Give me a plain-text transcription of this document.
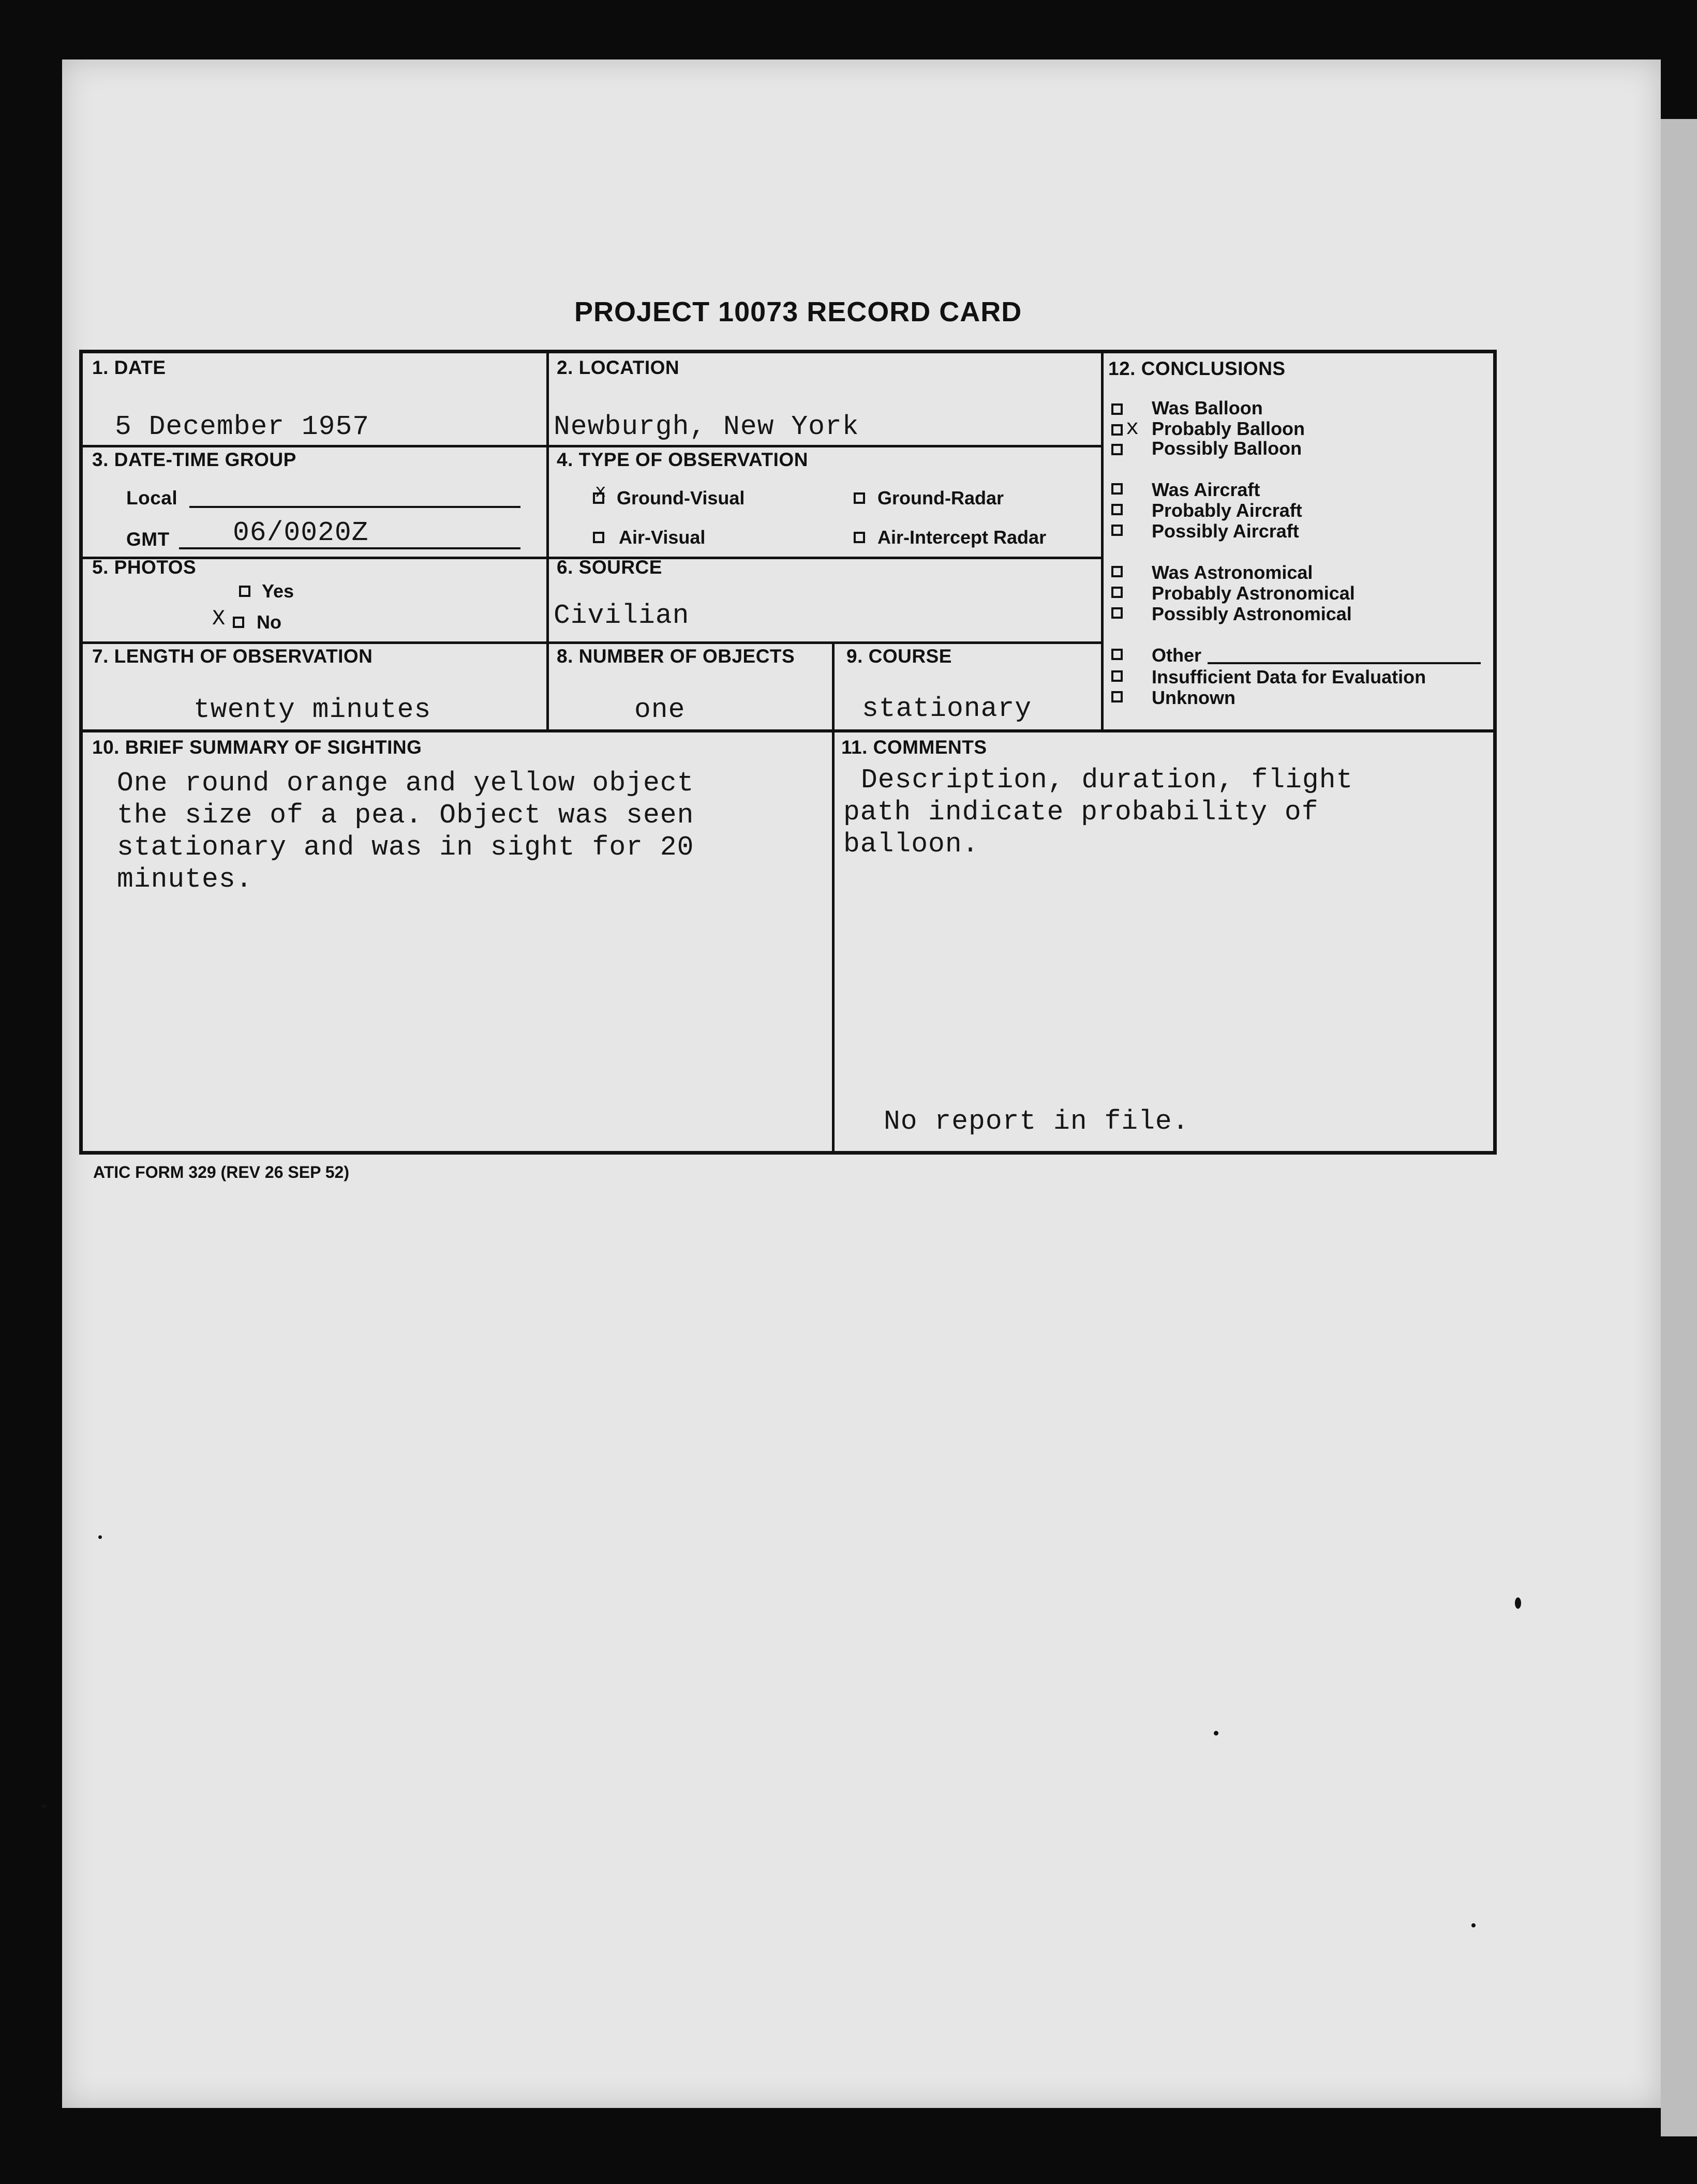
PROJECT 10073 RECORD CARD
1. DATE
5 December 1957
2. LOCATION
Newburgh, New York
3. DATE-TIME GROUP
Local
GMT 06/0020Z
4. TYPE OF OBSERVATION
x Ground-Visual	Ground-Radar
Air-Visual	Air-Intercept Radar
5. PHOTOS
Yes
X No
6. SOURCE
Civilian
7. LENGTH OF OBSERVATION
twenty minutes
8. NUMBER OF OBJECTS
one
9. COURSE
stationary
10. BRIEF SUMMARY OF SIGHTING
One round orange and yellow object
the size of a pea. Object was seen
stationary and was in sight for 20
minutes.
11. COMMENTS
Description, duration, flight
path indicate probability of
balloon.
No report in file.
12. CONCLUSIONS
Was Balloon
x Probably Balloon
Possibly Balloon
Was Aircraft
Probably Aircraft
Possibly Aircraft
Was Astronomical
Probably Astronomical
Possibly Astronomical
Other
Insufficient Data for Evaluation
Unknown
ATIC FORM 329 (REV 26 SEP 52)
